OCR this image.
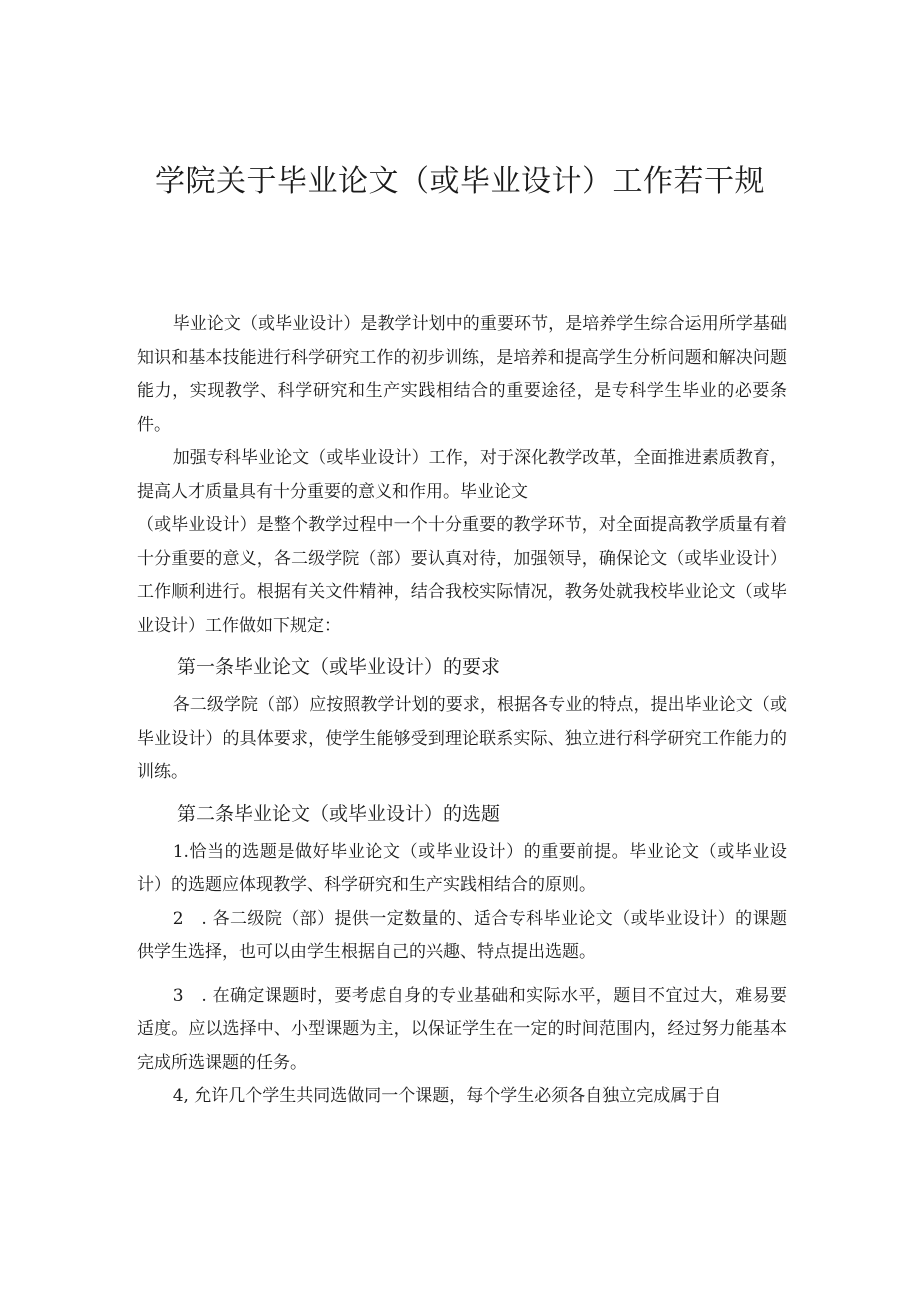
学院关于毕业论文（或毕业设计）工作若干规

毕业论文（或毕业设计）是教学计划中的重要环节，是培养学生综合运用所学基础知识和基本技能进行科学研究工作的初步训练，是培养和提高学生分析问题和解决问题能力，实现教学、科学研究和生产实践相结合的重要途径，是专科学生毕业的必要条件。

加强专科毕业论文（或毕业设计）工作，对于深化教学改革，全面推进素质教育，提高人才质量具有十分重要的意义和作用。毕业论文

（或毕业设计）是整个教学过程中一个十分重要的教学环节，对全面提高教学质量有着十分重要的意义，各二级学院（部）要认真对待，加强领导，确保论文（或毕业设计）工作顺利进行。根据有关文件精神，结合我校实际情况，教务处就我校毕业论文（或毕业设计）工作做如下规定：

第一条毕业论文（或毕业设计）的要求

各二级学院（部）应按照教学计划的要求，根据各专业的特点，提出毕业论文（或毕业设计）的具体要求，使学生能够受到理论联系实际、独立进行科学研究工作能力的训练。

第二条毕业论文（或毕业设计）的选题

1.恰当的选题是做好毕业论文（或毕业设计）的重要前提。毕业论文（或毕业设计）的选题应体现教学、科学研究和生产实践相结合的原则。

2　. 各二级院（部）提供一定数量的、适合专科毕业论文（或毕业设计）的课题供学生选择，也可以由学生根据自己的兴趣、特点提出选题。

3　. 在确定课题时，要考虑自身的专业基础和实际水平，题目不宜过大，难易要适度。应以选择中、小型课题为主，以保证学生在一定的时间范围内，经过努力能基本完成所选课题的任务。

4, 允许几个学生共同选做同一个课题，每个学生必须各自独立完成属于自
